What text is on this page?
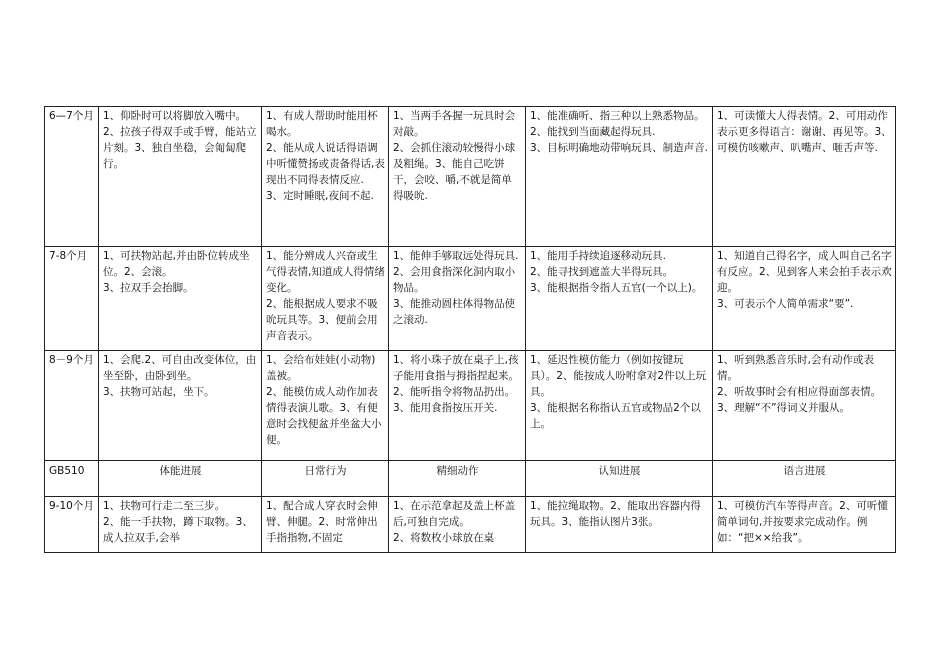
6—7个月	1、仰卧时可以将脚放入嘴中。
2、拉孩子得双手或手臂，能站立片刻。3、独自坐稳，会匍匐爬行。	1、有成人帮助时能用杯喝水。
2、能从成人说话得语调中听懂赞扬或责备得话,表现出不同得表情反应.
3、定时睡眠,夜间不起.	1、当两手各握一玩具时会对敲。
2、会抓住滚动较慢得小球及粗绳。3、能自己吃饼干，会咬、嚼,不就是简单得吸吮.	1、能准确听、指三种以上熟悉物品。2、能找到当面藏起得玩具.
3、目标明确地动带响玩具、制造声音.	1、可读懂大人得表情。2、可用动作表示更多得语言：谢谢、再见等。3、可模仿咳嗽声、叭嘴声、咂舌声等.
7-8个月	1、可扶物站起,并由卧位转成坐位。2、会滚。
3、拉双手会抬脚。	1、能分辨成人兴奋或生气得表情,知道成人得情绪变化。
2、能根据成人要求不吸吮玩具等。3、便前会用声音表示。	1、能伸手够取远处得玩具.2、会用食指深化洞内取小物品。
3、能推动圆柱体得物品使之滚动.	1、能用手持续追逐移动玩具.
2、能寻找到遮盖大半得玩具。
3、能根据指令指人五官(一个以上)。	1、知道自己得名字，成人叫自己名字有反应。2、见到客人来会拍手表示欢迎。
3、可表示个人简单需求“要”.
8－9个月	1、会爬.2、可自由改变体位，由坐至卧，由卧到坐。
3、扶物可站起，坐下。	1、会给布娃娃(小动物)盖被。
2、能模仿成人动作加表情得表演儿歌。3、有便意时会找便盆并坐盆大小便。	1、将小珠子放在桌子上,孩子能用食指与拇指捏起来。2、能听指令将物品扔出。
3、能用食指按压开关.	1、延迟性模仿能力（例如按键玩具）。2、能按成人吩咐拿对2件以上玩具。
3、能根据名称指认五官或物品2个以上。	1、听到熟悉音乐时,会有动作或表情。
2、听故事时会有相应得面部表情。
3、理解“不”得词义并服从。
GB510	体能进展	日常行为	精细动作	认知进展	语言进展
9-10个月	1、扶物可行走二至三步。
2、能一手扶物，蹲下取物。3、成人拉双手,会举	1、配合成人穿衣时会伸臂、伸腿。2、时常伸出手指指物,不固定	1、在示范拿起及盖上杯盖后,可独自完成。
2、将数枚小球放在桌	1、能拉绳取物。2、能取出容器内得玩具。3、能指认图片3张。	1、可模仿汽车等得声音。2、可听懂简单词句,并按要求完成动作。例如：“把××给我”。
